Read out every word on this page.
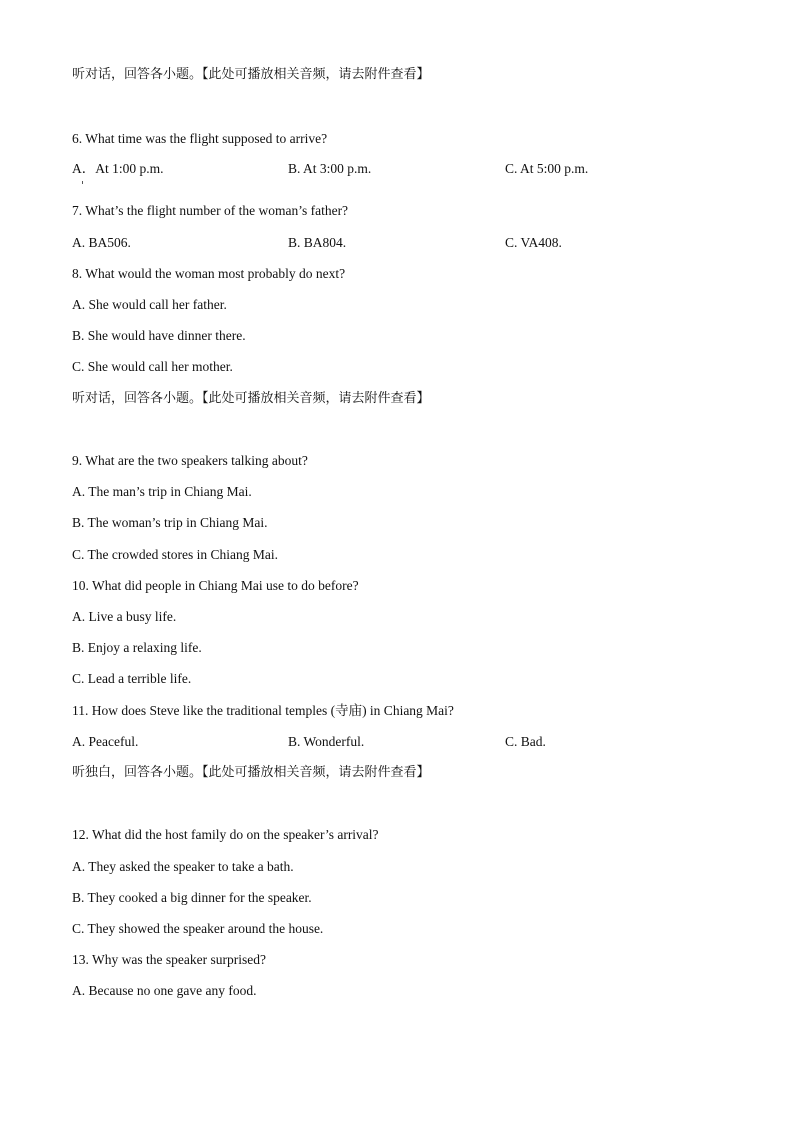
听对话，回答各小题。【此处可播放相关音频，请去附件查看】
6. What time was the flight supposed to arrive?
A．At 1:00 p.m.	B. At 3:00 p.m.	C. At 5:00 p.m.
7. What’s the flight number of the woman’s father?
A. BA506.	B. BA804.	C. VA408.
8. What would the woman most probably do next?
A. She would call her father.
B. She would have dinner there.
C. She would call her mother.
听对话，回答各小题。【此处可播放相关音频，请去附件查看】
9. What are the two speakers talking about?
A. The man’s trip in Chiang Mai.
B. The woman’s trip in Chiang Mai.
C. The crowded stores in Chiang Mai.
10. What did people in Chiang Mai use to do before?
A. Live a busy life.
B. Enjoy a relaxing life.
C. Lead a terrible life.
11. How does Steve like the traditional temples (寺庙) in Chiang Mai?
A. Peaceful.	B. Wonderful.	C. Bad.
听独白，回答各小题。【此处可播放相关音频，请去附件查看】
12. What did the host family do on the speaker’s arrival?
A. They asked the speaker to take a bath.
B. They cooked a big dinner for the speaker.
C. They showed the speaker around the house.
13. Why was the speaker surprised?
A. Because no one gave any food.
